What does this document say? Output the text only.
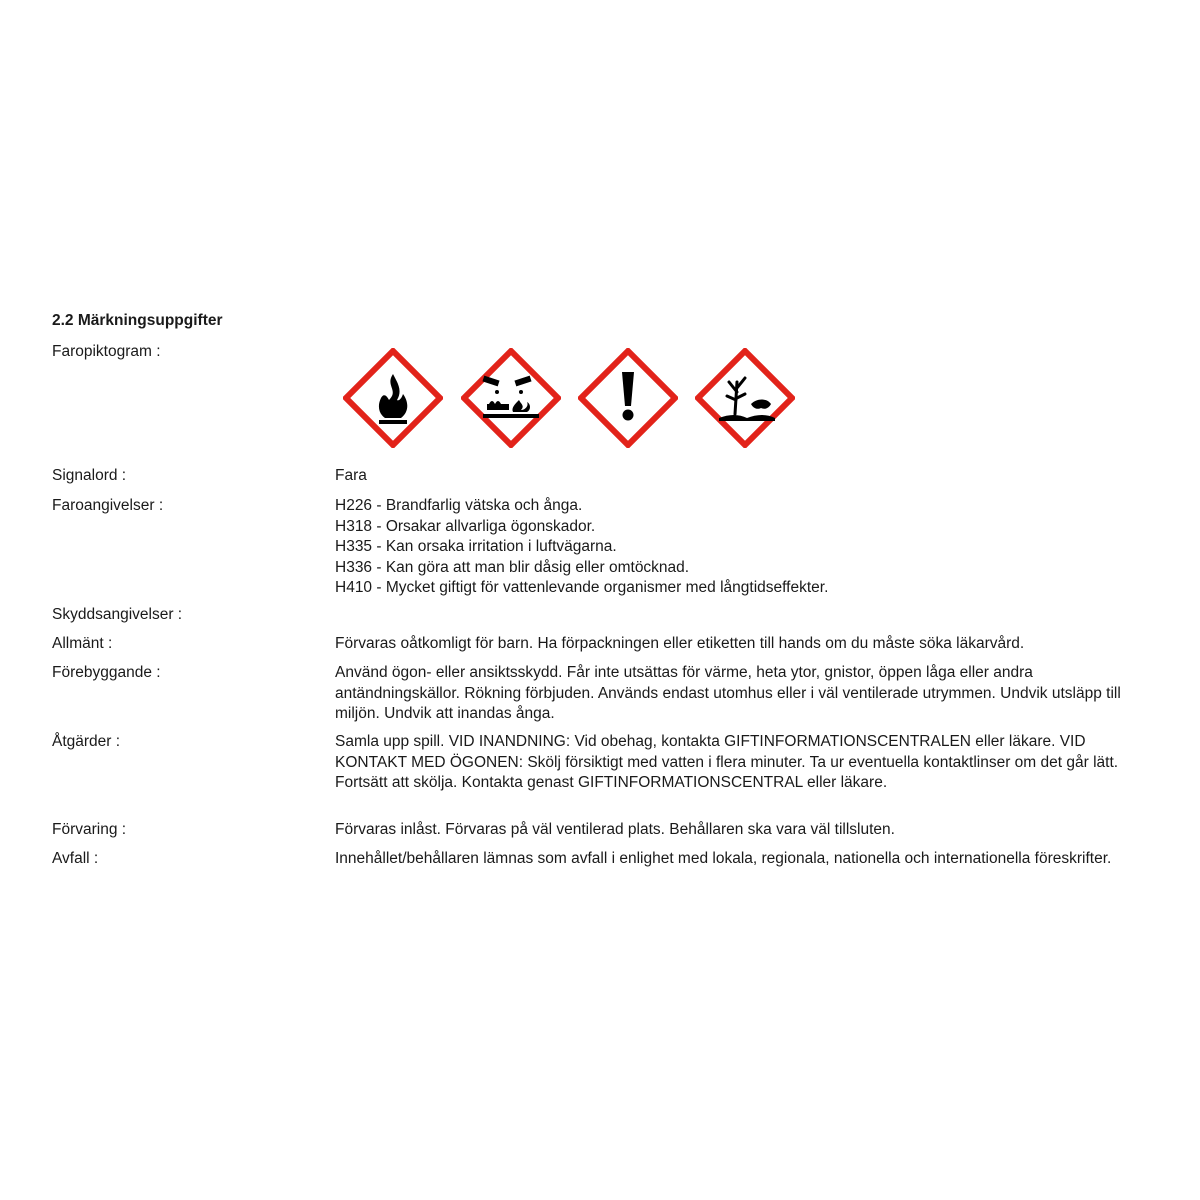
2.2 Märkningsuppgifter

Faropiktogram :

Signalord :	Fara

Faroangivelser :	H226 - Brandfarlig vätska och ånga.
H318 - Orsakar allvarliga ögonskador.
H335 - Kan orsaka irritation i luftvägarna.
H336 - Kan göra att man blir dåsig eller omtöcknad.
H410 - Mycket giftigt för vattenlevande organismer med långtidseffekter.

Skyddsangivelser :

Allmänt :	Förvaras oåtkomligt för barn. Ha förpackningen eller etiketten till hands om du måste söka läkarvård.

Förebyggande :	Använd ögon- eller ansiktsskydd. Får inte utsättas för värme, heta ytor, gnistor, öppen låga eller andra antändningskällor. Rökning förbjuden. Används endast utomhus eller i väl ventilerade utrymmen. Undvik utsläpp till miljön. Undvik att inandas ånga.

Åtgärder :	Samla upp spill. VID INANDNING: Vid obehag, kontakta GIFTINFORMATIONSCENTRALEN eller läkare. VID KONTAKT MED ÖGONEN: Skölj försiktigt med vatten i flera minuter. Ta ur eventuella kontaktlinser om det går lätt. Fortsätt att skölja. Kontakta genast GIFTINFORMATIONSCENTRAL eller läkare.

Förvaring :	Förvaras inlåst. Förvaras på väl ventilerad plats. Behållaren ska vara väl tillsluten.

Avfall :	Innehållet/behållaren lämnas som avfall i enlighet med lokala, regionala, nationella och internationella föreskrifter.
